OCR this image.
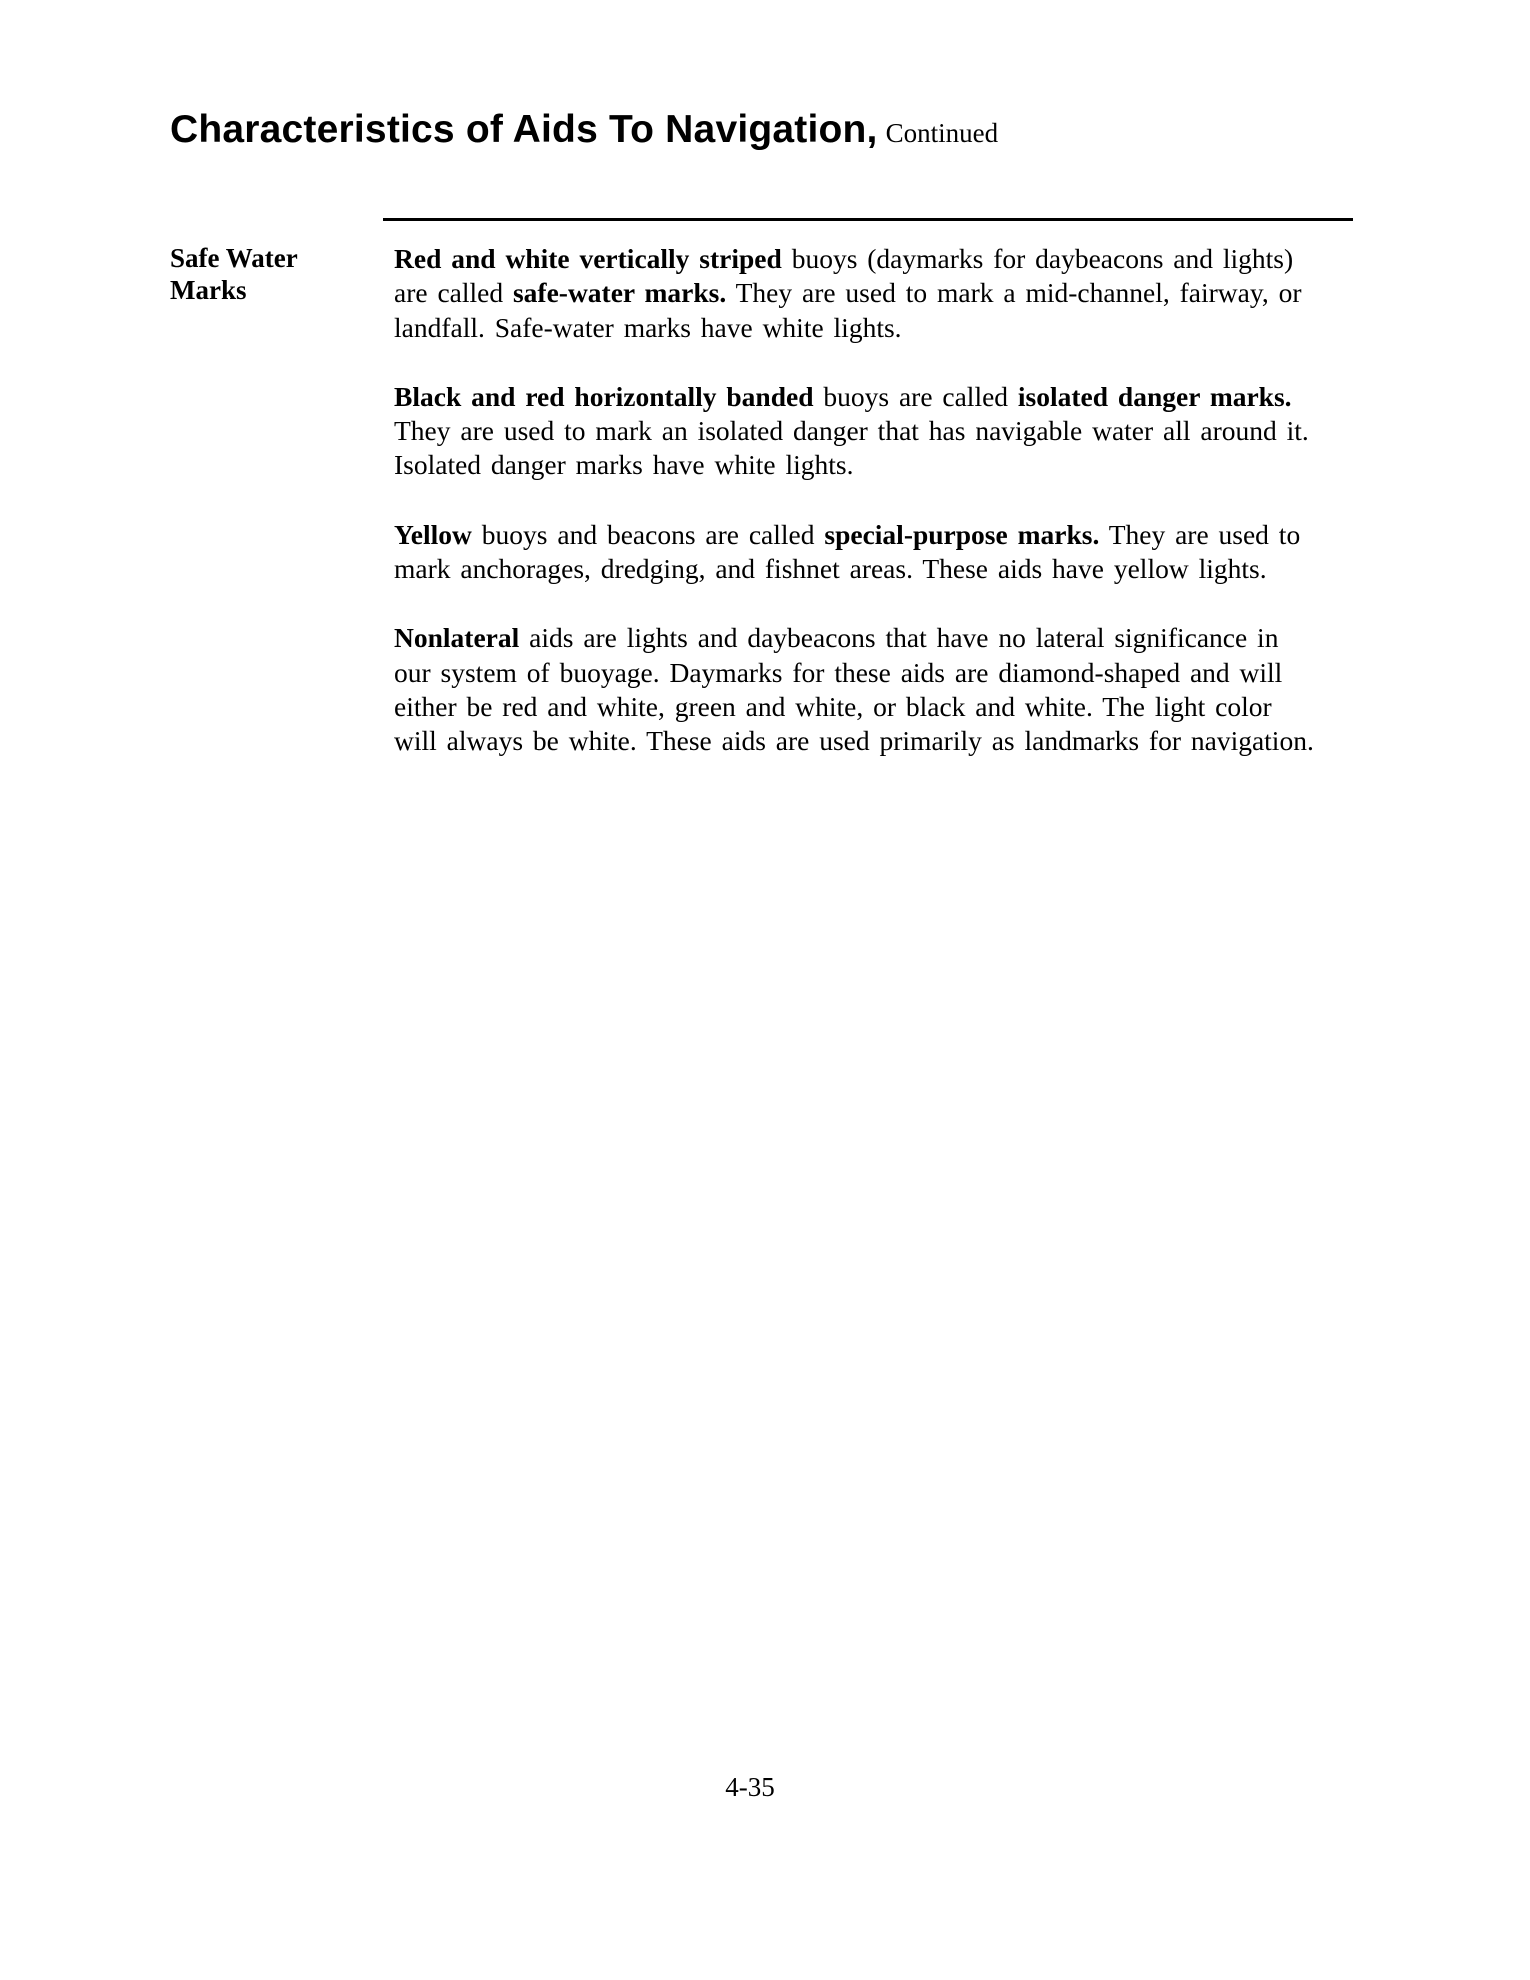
Characteristics of Aids To Navigation, Continued
Safe Water Marks

Red and white vertically striped buoys (daymarks for daybeacons and lights) are called safe-water marks. They are used to mark a mid-channel, fairway, or landfall. Safe-water marks have white lights.

Black and red horizontally banded buoys are called isolated danger marks. They are used to mark an isolated danger that has navigable water all around it. Isolated danger marks have white lights.

Yellow buoys and beacons are called special-purpose marks. They are used to mark anchorages, dredging, and fishnet areas. These aids have yellow lights.

Nonlateral aids are lights and daybeacons that have no lateral significance in our system of buoyage. Daymarks for these aids are diamond-shaped and will either be red and white, green and white, or black and white. The light color will always be white. These aids are used primarily as landmarks for navigation.

4-35
